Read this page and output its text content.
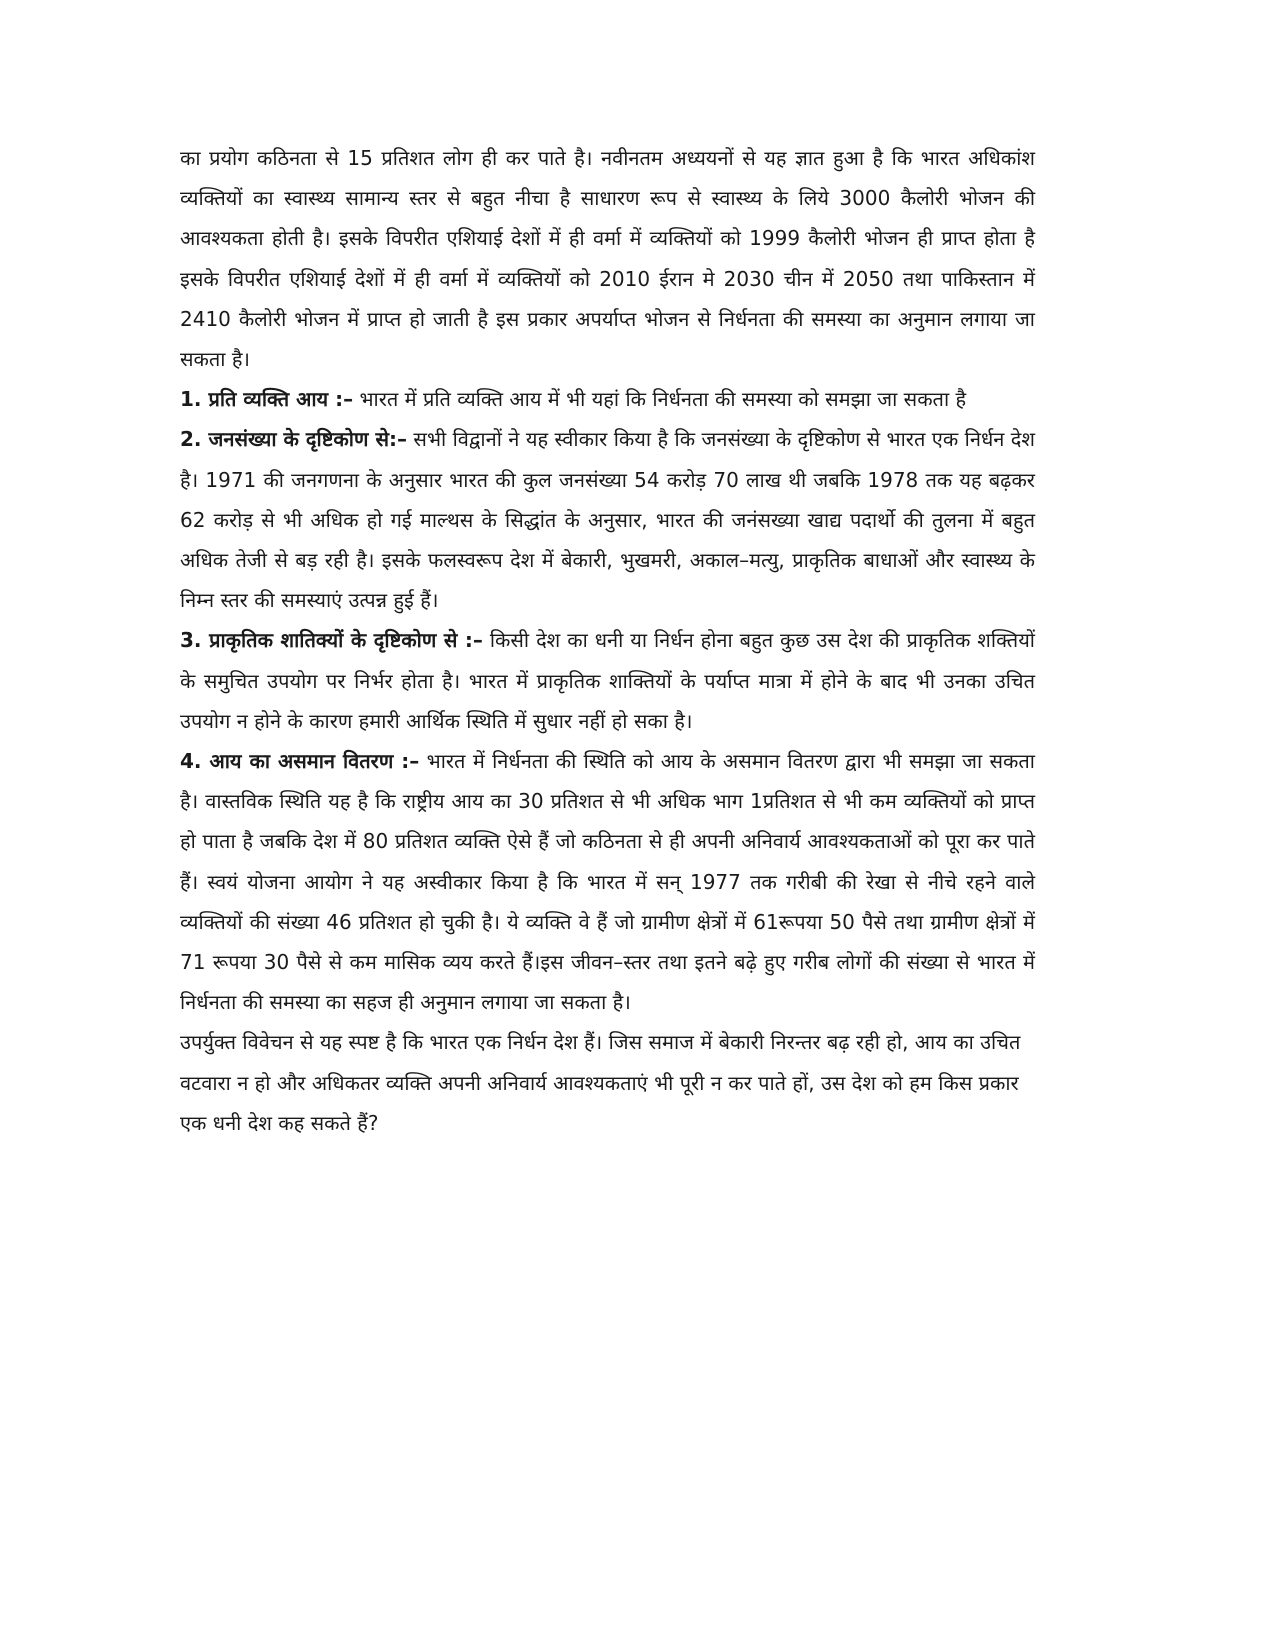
का प्रयोग कठिनता से 15 प्रतिशत लोग ही कर पाते है। नवीनतम अध्ययनों से यह ज्ञात हुआ है कि भारत अधिकांश व्यक्तियों का स्वास्थ्य सामान्य स्तर से बहुत नीचा है साधारण रूप से स्वास्थ्य के लिये 3000 कैलोरी भोजन की आवश्यकता होती है। इसके विपरीत एशियाई देशों में ही वर्मा में व्यक्तियों को 1999 कैलोरी भोजन ही प्राप्त होता है इसके विपरीत एशियाई देशों में ही वर्मा में व्यक्तियों को 2010 ईरान मे 2030 चीन में 2050 तथा पाकिस्तान में 2410 कैलोरी भोजन में प्राप्त हो जाती है इस प्रकार अपर्याप्त भोजन से निर्धनता की समस्या का अनुमान लगाया जा सकता है।

1. प्रति व्यक्ति आय :– भारत में प्रति व्यक्ति आय में भी यहां कि निर्धनता की समस्या को समझा जा सकता है

2. जनसंख्या के दृष्टिकोण से:– सभी विद्वानों ने यह स्वीकार किया है कि जनसंख्या के दृष्टिकोण से भारत एक निर्धन देश है। 1971 की जनगणना के अनुसार भारत की कुल जनसंख्या 54 करोड़ 70 लाख थी जबकि 1978 तक यह बढ़कर 62 करोड़ से भी अधिक हो गई माल्थस के सिद्धांत के अनुसार, भारत की जनंसख्या खाद्य पदार्थो की तुलना में बहुत अधिक तेजी से बड़ रही है। इसके फलस्वरूप देश में बेकारी, भुखमरी, अकाल–मत्यु, प्राकृतिक बाधाओं और स्वास्थ्य के निम्न स्तर की समस्याएं उत्पन्न हुई हैं।

3. प्राकृतिक शातिक्यों के दृष्टिकोण से :– किसी देश का धनी या निर्धन होना बहुत कुछ उस देश की प्राकृतिक शक्तियों के समुचित उपयोग पर निर्भर होता है। भारत में प्राकृतिक शाक्तियों के पर्याप्त मात्रा में होने के बाद भी उनका उचित उपयोग न होने के कारण हमारी आर्थिक स्थिति में सुधार नहीं हो सका है।

4. आय का असमान वितरण :– भारत में निर्धनता की स्थिति को आय के असमान वितरण द्वारा भी समझा जा सकता है। वास्तविक स्थिति यह है कि राष्ट्रीय आय का 30 प्रतिशत से भी अधिक भाग 1प्रतिशत से भी कम व्यक्तियों को प्राप्त हो पाता है जबकि देश में 80 प्रतिशत व्यक्ति ऐसे हैं जो कठिनता से ही अपनी अनिवार्य आवश्यकताओं को पूरा कर पाते हैं। स्वयं योजना आयोग ने यह अस्वीकार किया है कि भारत में सन् 1977 तक गरीबी की रेखा से नीचे रहने वाले व्यक्तियों की संख्या 46 प्रतिशत हो चुकी है। ये व्यक्ति वे हैं जो ग्रामीण क्षेत्रों में 61रूपया 50 पैसे तथा ग्रामीण क्षेत्रों में 71 रूपया 30 पैसे से कम मासिक व्यय करते हैं।इस जीवन–स्तर तथा इतने बढ़े हुए गरीब लोगों की संख्या से भारत में निर्धनता की समस्या का सहज ही अनुमान लगाया जा सकता है।

उपर्युक्त विवेचन से यह स्पष्ट है कि भारत एक निर्धन देश हैं। जिस समाज में बेकारी निरन्तर बढ़ रही हो, आय का उचित वटवारा न हो और अधिकतर व्यक्ति अपनी अनिवार्य आवश्यकताएं भी पूरी न कर पाते हों, उस देश को हम किस प्रकार एक धनी देश कह सकते हैं?
